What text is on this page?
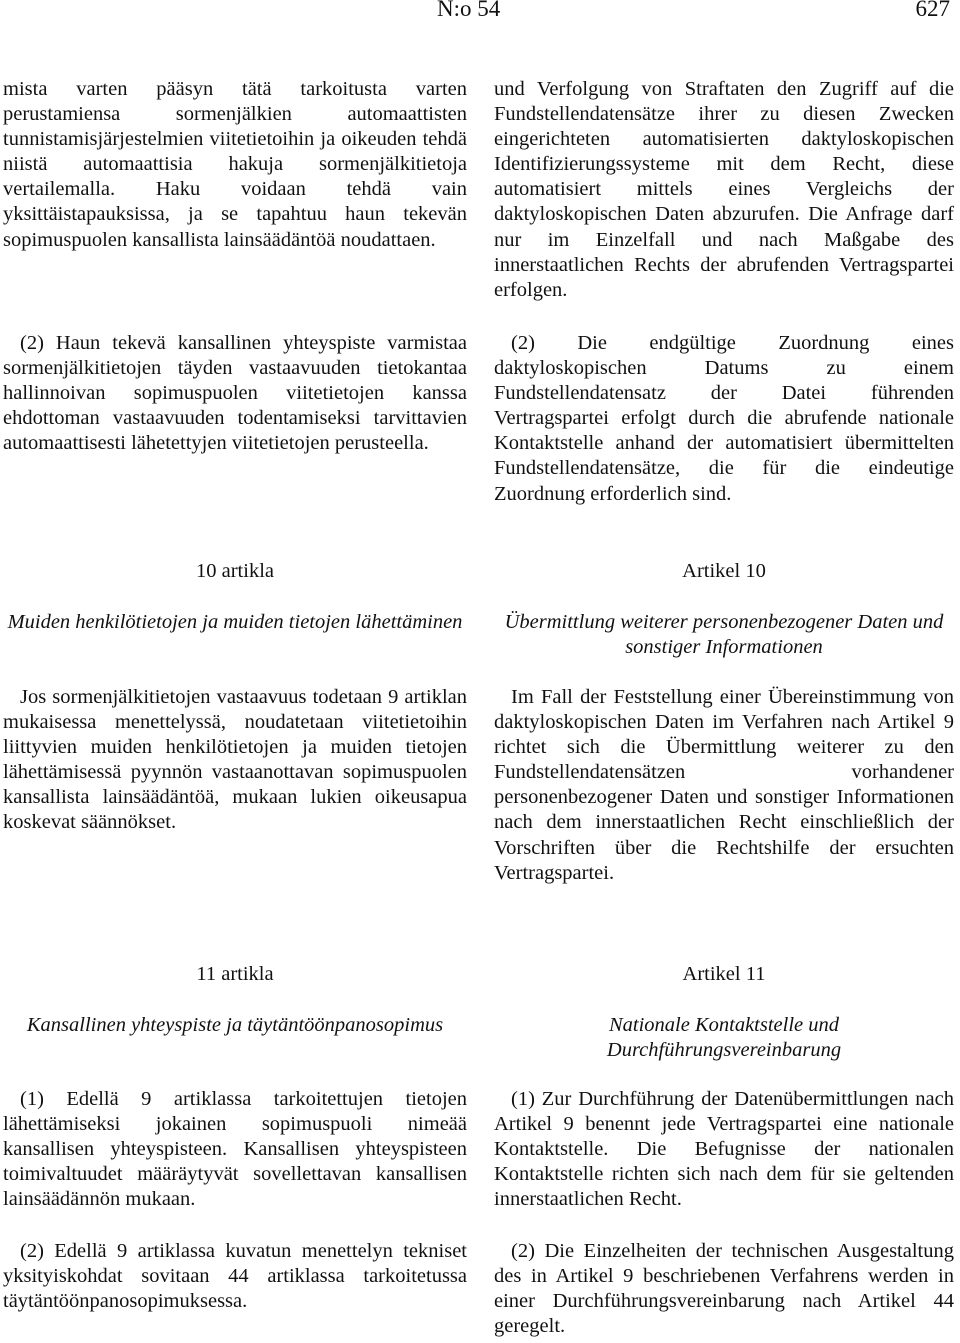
N:o 54	627

mista varten pääsyn tätä tarkoitusta varten perustamiensa sormenjälkien automaattisten tunnistamisjärjestelmien viitetietoihin ja oikeuden tehdä niistä automaattisia hakuja sormenjälkitietoja vertailemalla. Haku voidaan tehdä vain yksittäistapauksissa, ja se tapahtuu haun tekevän sopimuspuolen kansallista lainsäädäntöä noudattaen.

(2) Haun tekevä kansallinen yhteyspiste varmistaa sormenjälkitietojen täyden vastaavuuden tietokantaa hallinnoivan sopimuspuolen viitetietojen kanssa ehdottoman vastaavuuden todentamiseksi tarvittavien automaattisesti lähetettyjen viitetietojen perusteella.

10 artikla
Muiden henkilötietojen ja muiden tietojen lähettäminen

Jos sormenjälkitietojen vastaavuus todetaan 9 artiklan mukaisessa menettelyssä, noudatetaan viitetietoihin liittyvien muiden henkilötietojen ja muiden tietojen lähettämisessä pyynnön vastaanottavan sopimuspuolen kansallista lainsäädäntöä, mukaan lukien oikeusapua koskevat säännökset.

11 artikla
Kansallinen yhteyspiste ja täytäntöönpanosopimus

(1) Edellä 9 artiklassa tarkoitettujen tietojen lähettämiseksi jokainen sopimuspuoli nimeää kansallisen yhteyspisteen. Kansallisen yhteyspisteen toimivaltuudet määräytyvät sovellettavan kansallisen lainsäädännön mukaan.

(2) Edellä 9 artiklassa kuvatun menettelyn tekniset yksityiskohdat sovitaan 44 artiklassa tarkoitetussa täytäntöönpanosopimuksessa.

und Verfolgung von Straftaten den Zugriff auf die Fundstellendatensätze ihrer zu diesen Zwecken eingerichteten automatisierten daktyloskopischen Identifizierungssysteme mit dem Recht, diese automatisiert mittels eines Vergleichs der daktyloskopischen Daten abzurufen. Die Anfrage darf nur im Einzelfall und nach Maßgabe des innerstaatlichen Rechts der abrufenden Vertragspartei erfolgen.

(2) Die endgültige Zuordnung eines daktyloskopischen Datums zu einem Fundstellendatensatz der Datei führenden Vertragspartei erfolgt durch die abrufende nationale Kontaktstelle anhand der automatisiert übermittelten Fundstellendatensätze, die für die eindeutige Zuordnung erforderlich sind.

Artikel 10
Übermittlung weiterer personenbezogener Daten und sonstiger Informationen

Im Fall der Feststellung einer Übereinstimmung von daktyloskopischen Daten im Verfahren nach Artikel 9 richtet sich die Übermittlung weiterer zu den Fundstellendatensätzen vorhandener personenbezogener Daten und sonstiger Informationen nach dem innerstaatlichen Recht einschließlich der Vorschriften über die Rechtshilfe der ersuchten Vertragspartei.

Artikel 11
Nationale Kontaktstelle und Durchführungsvereinbarung

(1) Zur Durchführung der Datenübermittlungen nach Artikel 9 benennt jede Vertragspartei eine nationale Kontaktstelle. Die Befugnisse der nationalen Kontaktstelle richten sich nach dem für sie geltenden innerstaatlichen Recht.

(2) Die Einzelheiten der technischen Ausgestaltung des in Artikel 9 beschriebenen Verfahrens werden in einer Durchführungsvereinbarung nach Artikel 44 geregelt.
